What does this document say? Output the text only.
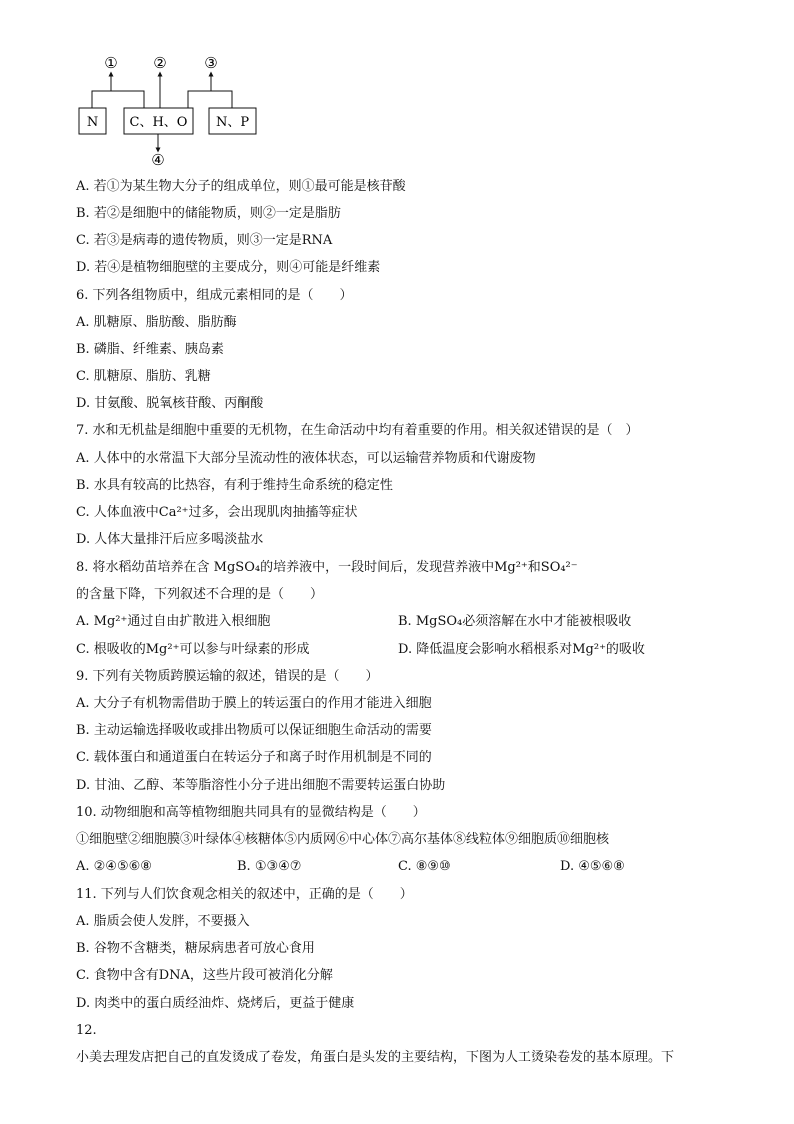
① ②	③
④
N C、H、O N、P
A. 若①为某生物大分子的组成单位，则①最可能是核苷酸
B. 若②是细胞中的储能物质，则②一定是脂肪
C. 若③是病毒的遗传物质，则③一定是RNA
D. 若④是植物细胞壁的主要成分，则④可能是纤维素
6. 下列各组物质中，组成元素相同的是（　　）
A. 肌糖原、脂肪酸、脂肪酶
B. 磷脂、纤维素、胰岛素
C. 肌糖原、脂肪、乳糖
D. 甘氨酸、脱氧核苷酸、丙酮酸
7. 水和无机盐是细胞中重要的无机物，在生命活动中均有着重要的作用。相关叙述错误的是（　）
A. 人体中的水常温下大部分呈流动性的液体状态，可以运输营养物质和代谢废物
B. 水具有较高的比热容，有利于维持生命系统的稳定性
C. 人体血液中Ca²⁺过多，会出现肌肉抽搐等症状
D. 人体大量排汗后应多喝淡盐水
8. 将水稻幼苗培养在含 MgSO₄的培养液中，一段时间后，发现营养液中Mg²⁺和SO₄²⁻
的含量下降，下列叙述不合理的是（　　）
A. Mg²⁺通过自由扩散进入根细胞	B. MgSO₄必须溶解在水中才能被根吸收
C. 根吸收的Mg²⁺可以参与叶绿素的形成	D. 降低温度会影响水稻根系对Mg²⁺的吸收
9. 下列有关物质跨膜运输的叙述，错误的是（　　）
A. 大分子有机物需借助于膜上的转运蛋白的作用才能进入细胞
B. 主动运输选择吸收或排出物质可以保证细胞生命活动的需要
C. 载体蛋白和通道蛋白在转运分子和离子时作用机制是不同的
D. 甘油、乙醇、苯等脂溶性小分子进出细胞不需要转运蛋白协助
10. 动物细胞和高等植物细胞共同具有的显微结构是（　　）
①细胞壁②细胞膜③叶绿体④核糖体⑤内质网⑥中心体⑦高尔基体⑧线粒体⑨细胞质⑩细胞核
A. ②④⑤⑥⑧	B. ①③④⑦	C. ⑧⑨⑩	D. ④⑤⑥⑧
11. 下列与人们饮食观念相关的叙述中，正确的是（　　）
A. 脂质会使人发胖，不要摄入
B. 谷物不含糖类，糖尿病患者可放心食用
C. 食物中含有DNA，这些片段可被消化分解
D. 肉类中的蛋白质经油炸、烧烤后，更益于健康
12.
小美去理发店把自己的直发烫成了卷发，角蛋白是头发的主要结构，下图为人工烫染卷发的基本原理。下
